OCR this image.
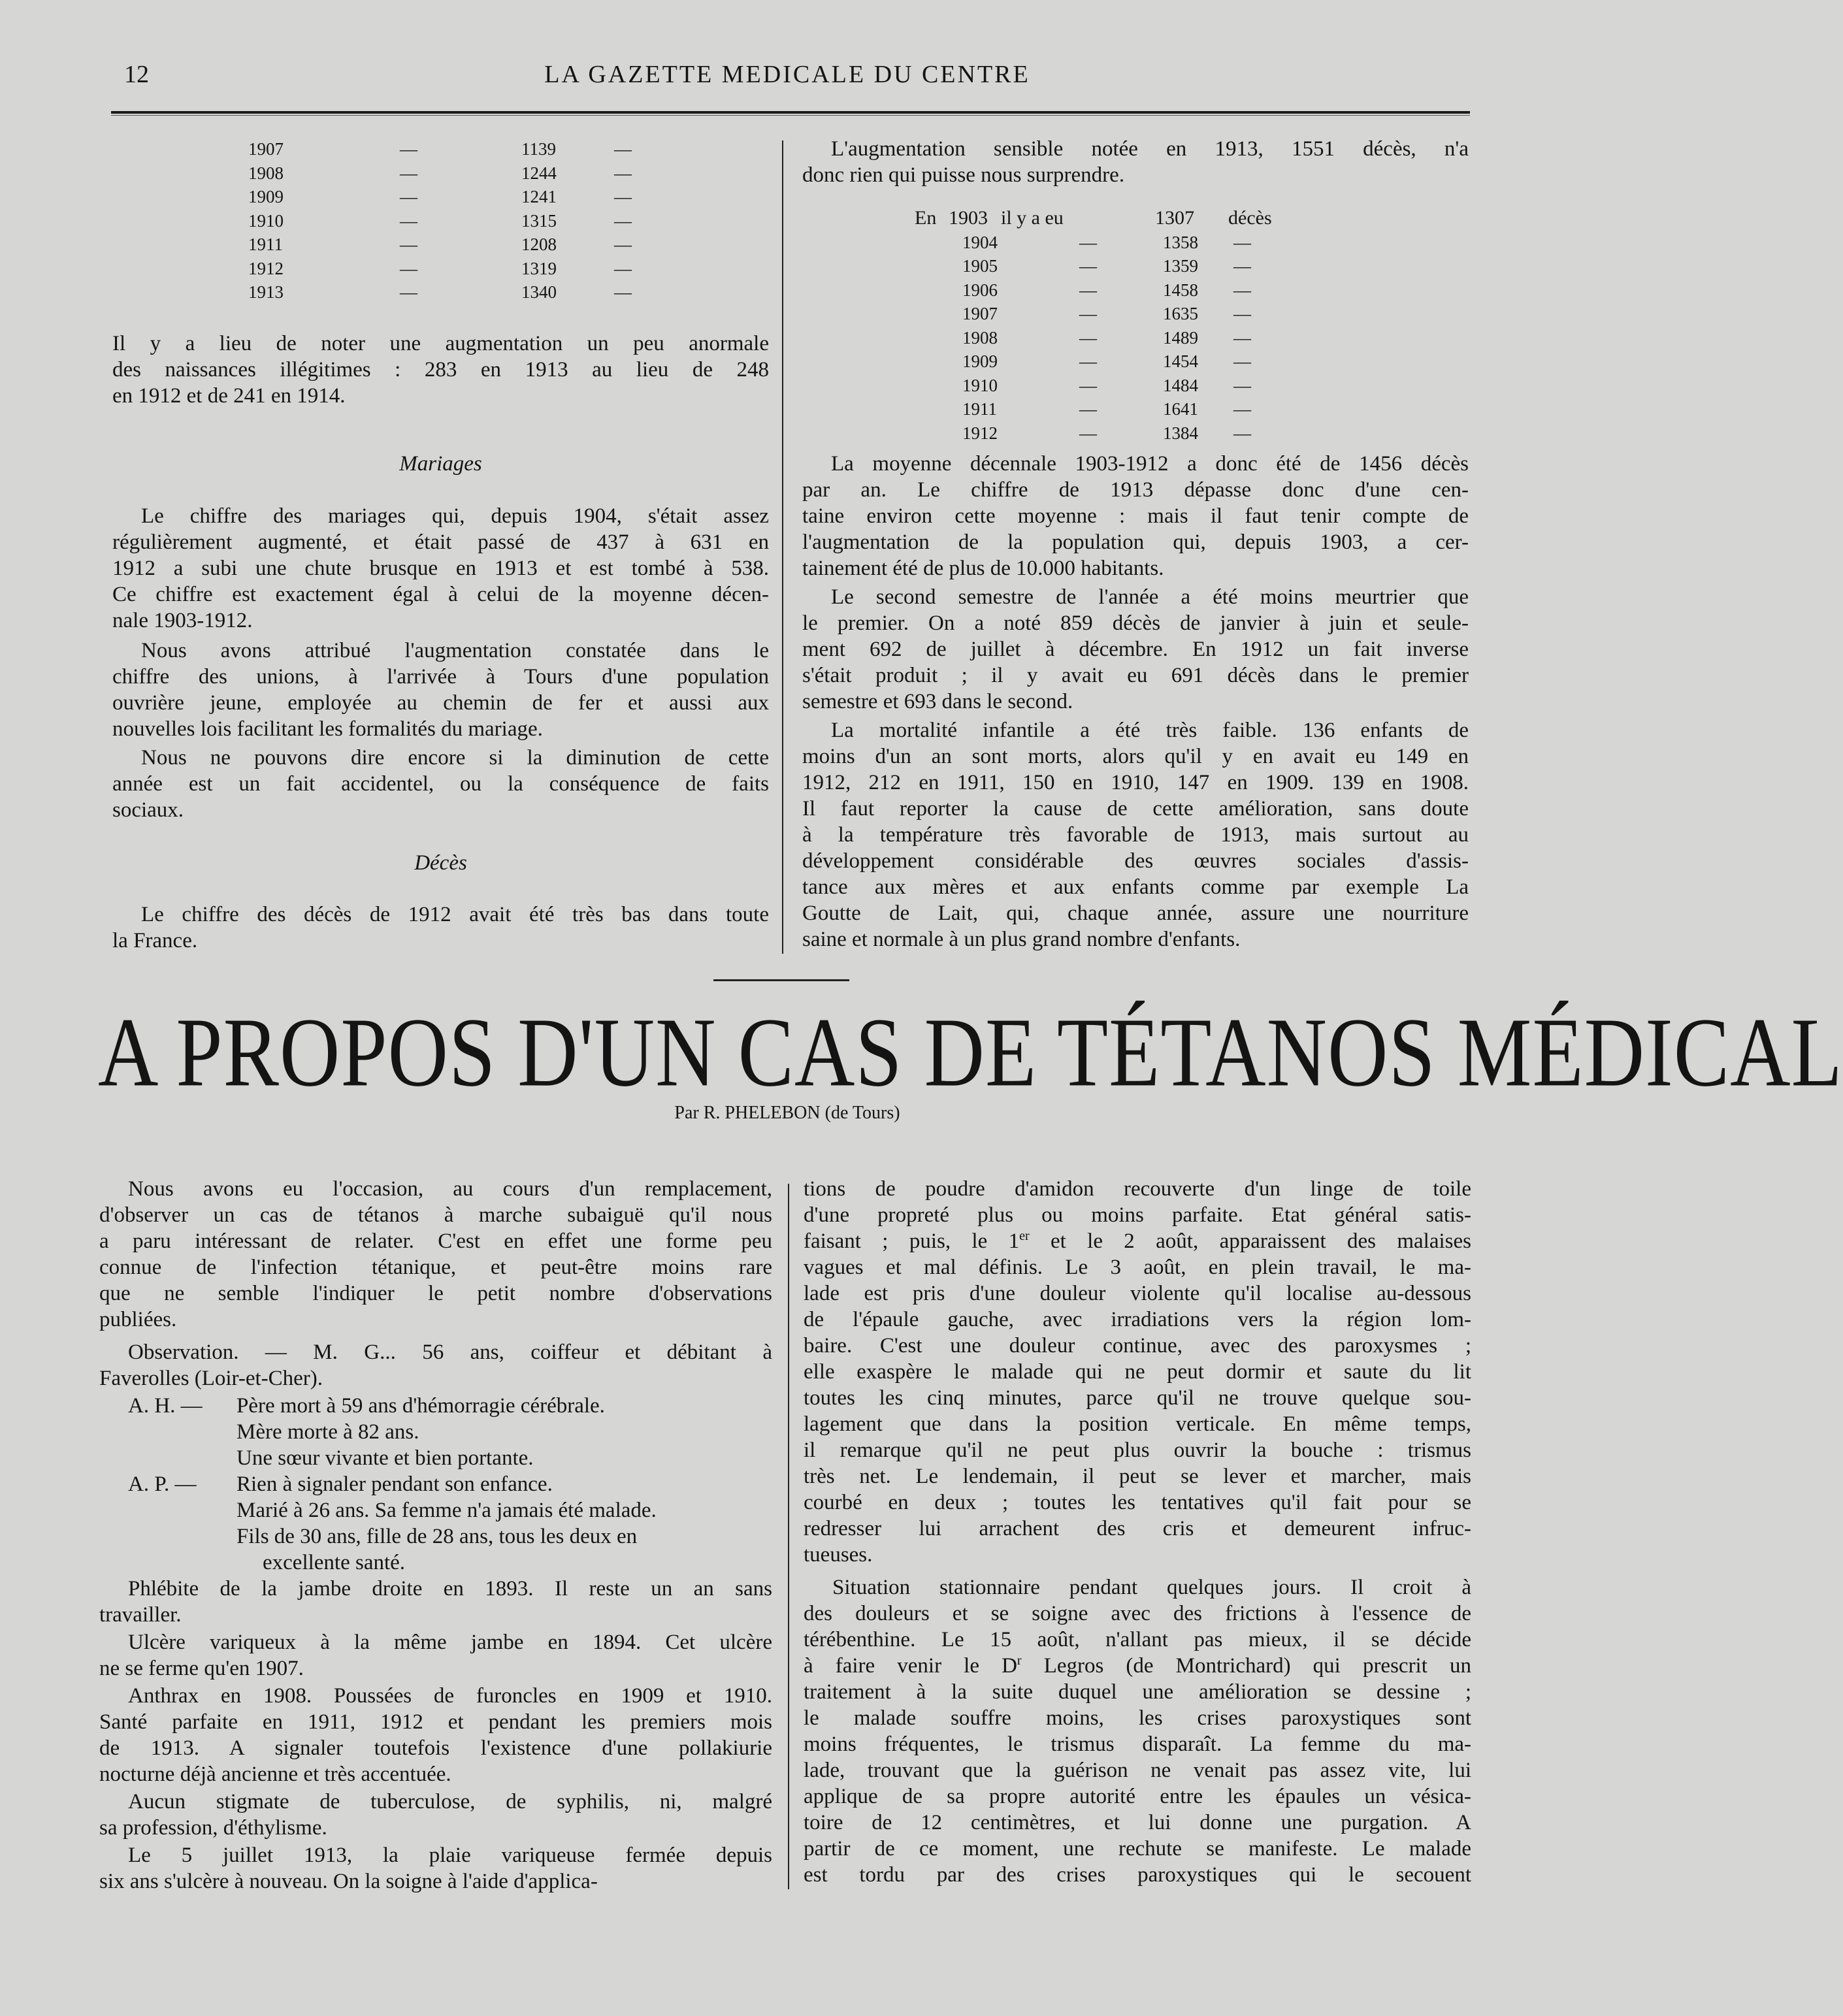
12	LA GAZETTE MEDICALE DU CENTRE
1907	—	1139	—
1908	—	1244	—
1909	—	1241	—
1910	—	1315	—
1911	—	1208	—
1912	—	1319	—
1913	—	1340	—
Il y a lieu de noter une augmentation un peu anormale
des naissances illégitimes : 283 en 1913 au lieu de 248
en 1912 et de 241 en 1914.
Mariages
Le chiffre des mariages qui, depuis 1904, s'était assez
régulièrement augmenté, et était passé de 437 à 631 en
1912 a subi une chute brusque en 1913 et est tombé à 538.
Ce chiffre est exactement égal à celui de la moyenne décen-
nale 1903-1912.
Nous avons attribué l'augmentation constatée dans le
chiffre des unions, à l'arrivée à Tours d'une population
ouvrière jeune, employée au chemin de fer et aussi aux
nouvelles lois facilitant les formalités du mariage.
Nous ne pouvons dire encore si la diminution de cette
année est un fait accidentel, ou la conséquence de faits
sociaux.
Décès
Le chiffre des décès de 1912 avait été très bas dans toute
la France.
L'augmentation sensible notée en 1913, 1551 décès, n'a
donc rien qui puisse nous surprendre.
En 1903 il y a eu	1307 décès
1904	—	1358 —
1905	—	1359 —
1906	—	1458 —
1907	—	1635 —
1908	—	1489 —
1909	—	1454 —
1910	—	1484 —
1911	—	1641 —
1912	—	1384 —
La moyenne décennale 1903-1912 a donc été de 1456 décès
par an. Le chiffre de 1913 dépasse donc d'une cen-
taine environ cette moyenne : mais il faut tenir compte de
l'augmentation de la population qui, depuis 1903, a cer-
tainement été de plus de 10.000 habitants.
Le second semestre de l'année a été moins meurtrier que
le premier. On a noté 859 décès de janvier à juin et seule-
ment 692 de juillet à décembre. En 1912 un fait inverse
s'était produit ; il y avait eu 691 décès dans le premier
semestre et 693 dans le second.
La mortalité infantile a été très faible. 136 enfants de
moins d'un an sont morts, alors qu'il y en avait eu 149 en
1912, 212 en 1911, 150 en 1910, 147 en 1909. 139 en 1908.
Il faut reporter la cause de cette amélioration, sans doute
à la température très favorable de 1913, mais surtout au
développement considérable des œuvres sociales d'assis-
tance aux mères et aux enfants comme par exemple La
Goutte de Lait, qui, chaque année, assure une nourriture
saine et normale à un plus grand nombre d'enfants.
A PROPOS D'UN CAS DE TÉTANOS MÉDICAL
Par R. PHELEBON (de Tours)
Nous avons eu l'occasion, au cours d'un remplacement,
d'observer un cas de tétanos à marche subaiguë qu'il nous
a paru intéressant de relater. C'est en effet une forme peu
connue de l'infection tétanique, et peut-être moins rare
que ne semble l'indiquer le petit nombre d'observations
publiées.
Observation. — M. G... 56 ans, coiffeur et débitant à
Faverolles (Loir-et-Cher).
A. H. — Père mort à 59 ans d'hémorragie cérébrale.
Mère morte à 82 ans.
Une sœur vivante et bien portante.
A. P. — Rien à signaler pendant son enfance.
Marié à 26 ans. Sa femme n'a jamais été malade.
Fils de 30 ans, fille de 28 ans, tous les deux en
excellente santé.
Phlébite de la jambe droite en 1893. Il reste un an sans
travailler.
Ulcère variqueux à la même jambe en 1894. Cet ulcère
ne se ferme qu'en 1907.
Anthrax en 1908. Poussées de furoncles en 1909 et 1910.
Santé parfaite en 1911, 1912 et pendant les premiers mois
de 1913. A signaler toutefois l'existence d'une pollakiurie
nocturne déjà ancienne et très accentuée.
Aucun stigmate de tuberculose, de syphilis, ni, malgré
sa profession, d'éthylisme.
Le 5 juillet 1913, la plaie variqueuse fermée depuis
six ans s'ulcère à nouveau. On la soigne à l'aide d'applica-
tions de poudre d'amidon recouverte d'un linge de toile
d'une propreté plus ou moins parfaite. Etat général satis-
faisant ; puis, le 1er et le 2 août, apparaissent des malaises
vagues et mal définis. Le 3 août, en plein travail, le ma-
lade est pris d'une douleur violente qu'il localise au-dessous
de l'épaule gauche, avec irradiations vers la région lom-
baire. C'est une douleur continue, avec des paroxysmes ;
elle exaspère le malade qui ne peut dormir et saute du lit
toutes les cinq minutes, parce qu'il ne trouve quelque sou-
lagement que dans la position verticale. En même temps,
il remarque qu'il ne peut plus ouvrir la bouche : trismus
très net. Le lendemain, il peut se lever et marcher, mais
courbé en deux ; toutes les tentatives qu'il fait pour se
redresser lui arrachent des cris et demeurent infruc-
tueuses.
Situation stationnaire pendant quelques jours. Il croit à
des douleurs et se soigne avec des frictions à l'essence de
térébenthine. Le 15 août, n'allant pas mieux, il se décide
à faire venir le $D^r$ Legros (de Montrichard) qui prescrit un
traitement à la suite duquel une amélioration se dessine ;
le malade souffre moins, les crises paroxystiques sont
moins fréquentes, le trismus disparaît. La femme du ma-
lade, trouvant que la guérison ne venait pas assez vite, lui
applique de sa propre autorité entre les épaules un vésica-
toire de 12 centimètres, et lui donne une purgation. A
partir de ce moment, une rechute se manifeste. Le malade
est tordu par des crises paroxystiques qui le secouent
